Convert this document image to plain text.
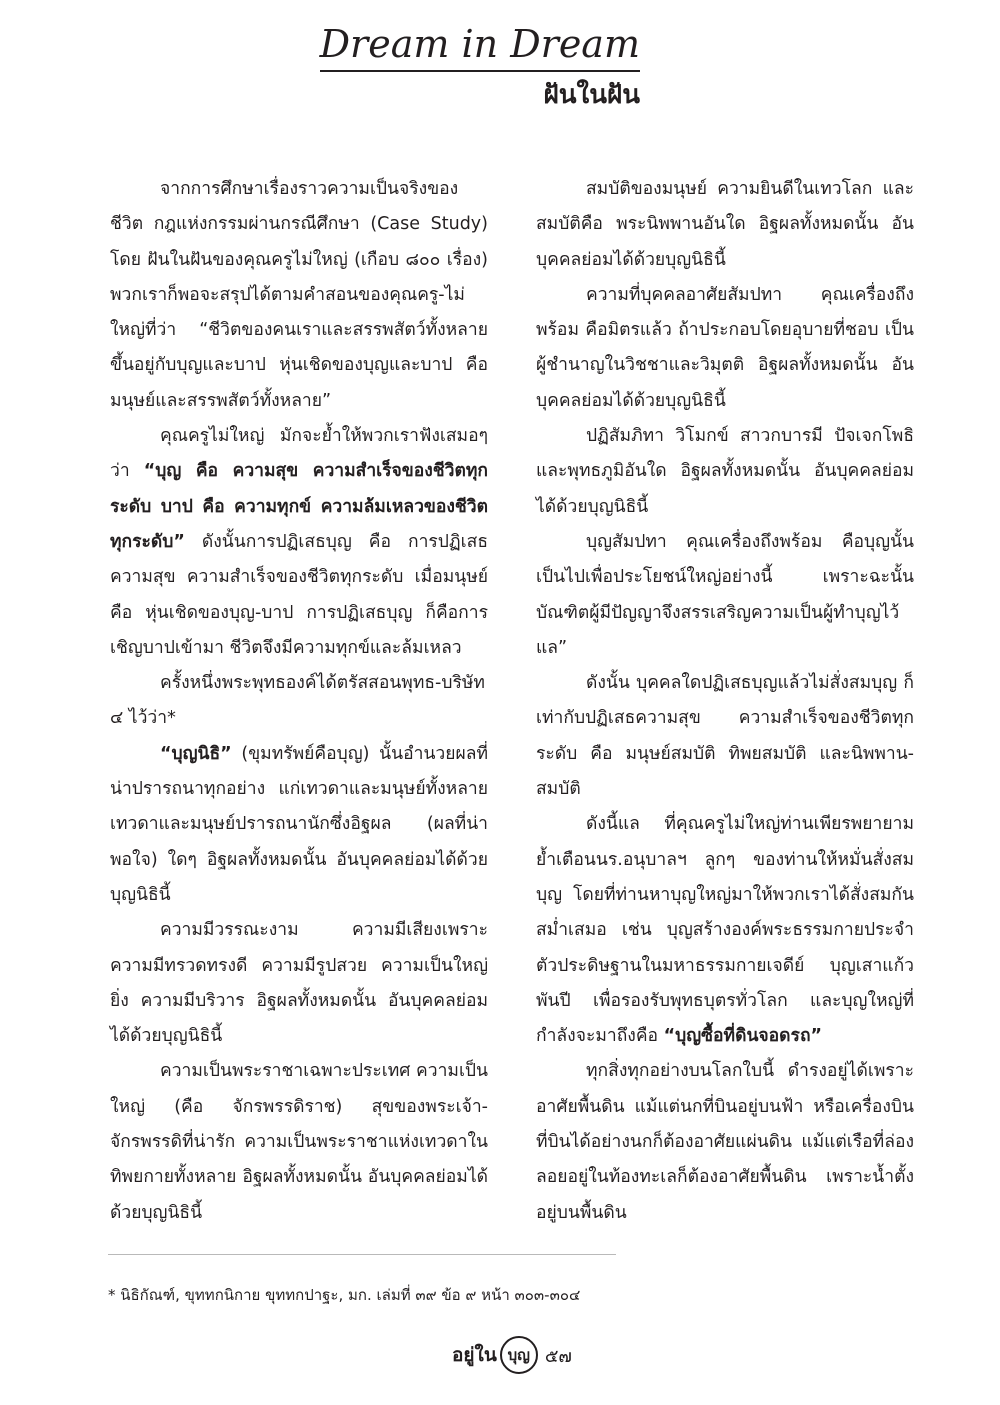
Dream in Dream
ฝันในฝัน

จากการศึกษาเรื่องราวความเป็นจริงของชีวิต กฎแห่งกรรมผ่านกรณีศึกษา (Case Study) โดย ฝันในฝันของคุณครูไม่ใหญ่ (เกือบ ๘๐๐ เรื่อง) พวกเราก็พอจะสรุปได้ตามคำสอนของคุณครู-ไม่ใหญ่ที่ว่า “ชีวิตของคนเราและสรรพสัตว์ทั้งหลาย ขึ้นอยู่กับบุญและบาป หุ่นเชิดของบุญและบาป คือ มนุษย์และสรรพสัตว์ทั้งหลาย”

คุณครูไม่ใหญ่ มักจะย้ำให้พวกเราฟังเสมอๆ ว่า “บุญ คือ ความสุข ความสำเร็จของชีวิตทุกระดับ บาป คือ ความทุกข์ ความล้มเหลวของชีวิตทุกระดับ” ดังนั้นการปฏิเสธบุญ คือ การปฏิเสธความสุข ความสำเร็จของชีวิตทุกระดับ เมื่อมนุษย์ คือ หุ่นเชิดของบุญ-บาป การปฏิเสธบุญ ก็คือการเชิญบาปเข้ามา ชีวิตจึงมีความทุกข์และล้มเหลว

ครั้งหนึ่งพระพุทธองค์ได้ตรัสสอนพุทธ-บริษัท ๔ ไว้ว่า*

“บุญนิธิ” (ขุมทรัพย์คือบุญ) นั้นอำนวยผลที่น่าปรารถนาทุกอย่าง แก่เทวดาและมนุษย์ทั้งหลาย เทวดาและมนุษย์ปรารถนานักซึ่งอิฐผล (ผลที่น่าพอใจ) ใดๆ อิฐผลทั้งหมดนั้น อันบุคคลย่อมได้ด้วยบุญนิธินี้

ความมีวรรณะงาม ความมีเสียงเพราะ ความมีทรวดทรงดี ความมีรูปสวย ความเป็นใหญ่ยิ่ง ความมีบริวาร อิฐผลทั้งหมดนั้น อันบุคคลย่อมได้ด้วยบุญนิธินี้

ความเป็นพระราชาเฉพาะประเทศ ความเป็นใหญ่ (คือ จักรพรรดิราช) สุขของพระเจ้า-จักรพรรดิที่น่ารัก ความเป็นพระราชาแห่งเทวดาในทิพยกายทั้งหลาย อิฐผลทั้งหมดนั้น อันบุคคลย่อมได้ด้วยบุญนิธินี้

สมบัติของมนุษย์ ความยินดีในเทวโลก และสมบัติคือ พระนิพพานอันใด อิฐผลทั้งหมดนั้น อันบุคคลย่อมได้ด้วยบุญนิธินี้

ความที่บุคคลอาศัยสัมปทา คุณเครื่องถึงพร้อม คือมิตรแล้ว ถ้าประกอบโดยอุบายที่ชอบ เป็นผู้ชำนาญในวิชชาและวิมุตติ อิฐผลทั้งหมดนั้น อันบุคคลย่อมได้ด้วยบุญนิธินี้

ปฏิสัมภิทา วิโมกข์ สาวกบารมี ปัจเจกโพธิ และพุทธภูมิอันใด อิฐผลทั้งหมดนั้น อันบุคคลย่อมได้ด้วยบุญนิธินี้

บุญสัมปทา คุณเครื่องถึงพร้อม คือบุญนั้น เป็นไปเพื่อประโยชน์ใหญ่อย่างนี้ เพราะฉะนั้น บัณฑิตผู้มีปัญญาจึงสรรเสริญความเป็นผู้ทำบุญไว้แล”

ดังนั้น บุคคลใดปฏิเสธบุญแล้วไม่สั่งสมบุญ ก็เท่ากับปฏิเสธความสุข ความสำเร็จของชีวิตทุกระดับ คือ มนุษย์สมบัติ ทิพยสมบัติ และนิพพาน-สมบัติ

ดังนี้แล ที่คุณครูไม่ใหญ่ท่านเพียรพยายามย้ำเตือนนร.อนุบาลฯ ลูกๆ ของท่านให้หมั่นสั่งสมบุญ โดยที่ท่านหาบุญใหญ่มาให้พวกเราได้สั่งสมกันสม่ำเสมอ เช่น บุญสร้างองค์พระธรรมกายประจำตัวประดิษฐานในมหาธรรมกายเจดีย์ บุญเสาแก้วพันปี เพื่อรองรับพุทธบุตรทั่วโลก และบุญใหญ่ที่กำลังจะมาถึงคือ “บุญซื้อที่ดินจอดรถ”

ทุกสิ่งทุกอย่างบนโลกใบนี้ ดำรงอยู่ได้เพราะอาศัยพื้นดิน แม้แต่นกที่บินอยู่บนฟ้า หรือเครื่องบินที่บินได้อย่างนกก็ต้องอาศัยแผ่นดิน แม้แต่เรือที่ล่องลอยอยู่ในท้องทะเลก็ต้องอาศัยพื้นดิน เพราะน้ำตั้งอยู่บนพื้นดิน

* นิธิกัณฑ์, ขุททกนิกาย ขุททกปาฐะ, มก. เล่มที่ ๓๙ ข้อ ๙ หน้า ๓๐๓-๓๐๔
อยู่ใน บุญ ๕๗
